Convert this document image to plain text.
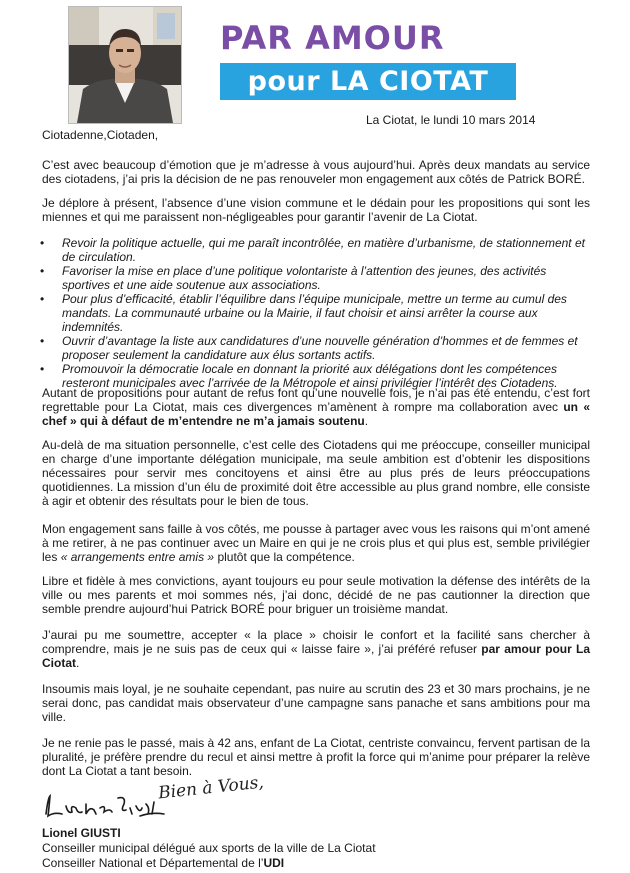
PAR AMOUR
pour LA CIOTAT
La Ciotat, le lundi 10 mars 2014
Ciotadenne,Ciotaden,
C’est avec beaucoup d’émotion que je m’adresse à vous aujourd’hui. Après deux mandats au service des ciotadens, j’ai pris la décision de ne pas renouveler mon engagement aux côtés de Patrick BORÉ.
Je déplore à présent, l’absence d’une vision commune et le dédain pour les propositions qui sont les miennes et qui me paraissent non-négligeables pour garantir l’avenir de La Ciotat.
• Revoir la politique actuelle, qui me paraît incontrôlée, en matière d’urbanisme, de stationnement et de circulation.
• Favoriser la mise en place d’une politique volontariste à l’attention des jeunes, des activités sportives et une aide soutenue aux associations.
• Pour plus d’efficacité, établir l’équilibre dans l’équipe municipale, mettre un terme au cumul des mandats. La communauté urbaine ou la Mairie, il faut choisir et ainsi arrêter la course aux indemnités.
• Ouvrir d’avantage la liste aux candidatures d’une nouvelle génération d’hommes et de femmes et proposer seulement la candidature aux élus sortants actifs.
• Promouvoir la démocratie locale en donnant la priorité aux délégations dont les compétences resteront municipales avec l’arrivée de la Métropole et ainsi privilégier l’intérêt des Ciotadens.
Autant de propositions pour autant de refus font qu’une nouvelle fois, je n’ai pas été entendu, c’est fort regrettable pour La Ciotat, mais ces divergences m’amènent à rompre ma collaboration avec un « chef » qui à défaut de m’entendre ne m’a jamais soutenu.
Au-delà de ma situation personnelle, c’est celle des Ciotadens qui me préoccupe, conseiller municipal en charge d’une importante délégation municipale, ma seule ambition est d’obtenir les dispositions nécessaires pour servir mes concitoyens et ainsi être au plus prés de leurs préoccupations quotidiennes. La mission d’un élu de proximité doit être accessible au plus grand nombre, elle consiste à agir et obtenir des résultats pour le bien de tous.
Mon engagement sans faille à vos côtés, me pousse à partager avec vous les raisons qui m’ont amené à me retirer, à ne pas continuer avec un Maire en qui je ne crois plus et qui plus est, semble privilégier les « arrangements entre amis » plutôt que la compétence.
Libre et fidèle à mes convictions, ayant toujours eu pour seule motivation la défense des intérêts de la ville ou mes parents et moi sommes nés, j’ai donc, décidé de ne pas cautionner la direction que semble prendre aujourd’hui Patrick BORÉ pour briguer un troisième mandat.
J’aurai pu me soumettre, accepter « la place » choisir le confort et la facilité sans chercher à comprendre, mais je ne suis pas de ceux qui « laisse faire », j’ai préféré refuser par amour pour La Ciotat.
Insoumis mais loyal, je ne souhaite cependant, pas nuire au scrutin des 23 et 30 mars prochains, je ne serai donc, pas candidat mais observateur d’une campagne sans panache et sans ambitions pour ma ville.
Je ne renie pas le passé, mais à 42 ans, enfant de La Ciotat, centriste convaincu, fervent partisan de la pluralité, je préfère prendre du recul et ainsi mettre à profit la force qui m’anime pour préparer la relève dont La Ciotat a tant besoin.
Bien à Vous,
Lionel GIUSTI
Conseiller municipal délégué aux sports de la ville de La Ciotat
Conseiller National et Départemental de l’UDI
